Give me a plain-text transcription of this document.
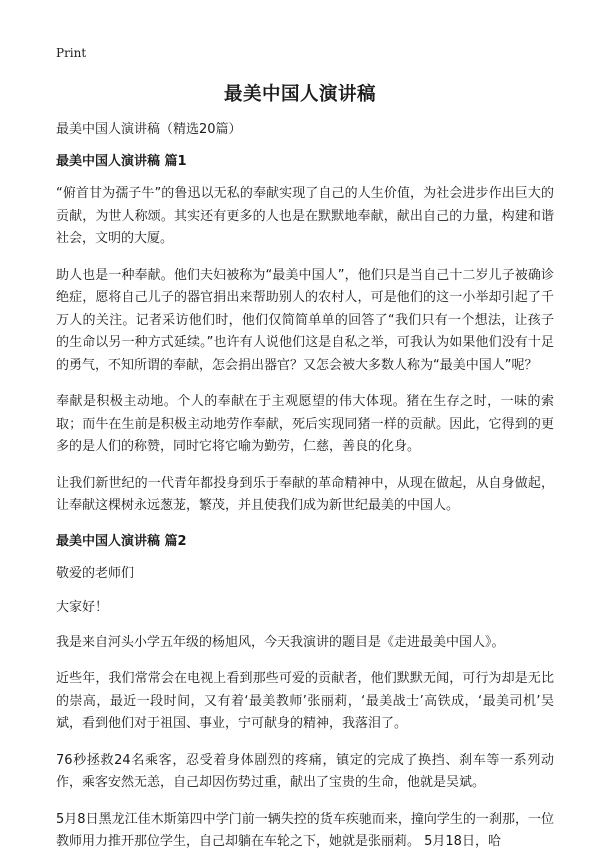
Print
最美中国人演讲稿
最美中国人演讲稿（精选20篇）
最美中国人演讲稿 篇1

“俯首甘为孺子牛”的鲁迅以无私的奉献实现了自己的人生价值，为社会进步作出巨大的贡献，为世人称颂。其实还有更多的人也是在默默地奉献，献出自己的力量，构建和谐社会，文明的大厦。

助人也是一种奉献。他们夫妇被称为“最美中国人”，他们只是当自己十二岁儿子被确诊绝症，愿将自己儿子的器官捐出来帮助别人的农村人，可是他们的这一小举却引起了千万人的关注。记者采访他们时，他们仅简简单单的回答了“我们只有一个想法，让孩子的生命以另一种方式延续。”也许有人说他们这是自私之举，可我认为如果他们没有十足的勇气，不知所谓的奉献，怎会捐出器官？又怎会被大多数人称为“最美中国人”呢？

奉献是积极主动地。个人的奉献在于主观愿望的伟大体现。猪在生存之时，一味的索取；而牛在生前是积极主动地劳作奉献，死后实现同猪一样的贡献。因此，它得到的更多的是人们的称赞，同时它将它喻为勤劳，仁慈，善良的化身。

让我们新世纪的一代青年都投身到乐于奉献的革命精神中，从现在做起，从自身做起，让奉献这棵树永远葱茏，繁茂，并且使我们成为新世纪最美的中国人。

最美中国人演讲稿 篇2

敬爱的老师们

大家好！

我是来自河头小学五年级的杨旭风，今天我演讲的题目是《走进最美中国人》。

近些年，我们常常会在电视上看到那些可爱的贡献者，他们默默无闻，可行为却是无比的崇高，最近一段时间，又有着‘最美教师’张丽莉，‘最美战士’高铁成，‘最美司机’吴斌，看到他们对于祖国、事业，宁可献身的精神，我落泪了。

76秒拯救24名乘客，忍受着身体剧烈的疼痛，镇定的完成了换挡、刹车等一系列动作，乘客安然无恙，自己却因伤势过重，献出了宝贵的生命，他就是吴斌。

5月8日黑龙江佳木斯第四中学门前一辆失控的货车疾驰而来，撞向学生的一刹那，一位教师用力推开那位学生，自己却躺在车轮之下，她就是张丽莉。 5月18日，哈
